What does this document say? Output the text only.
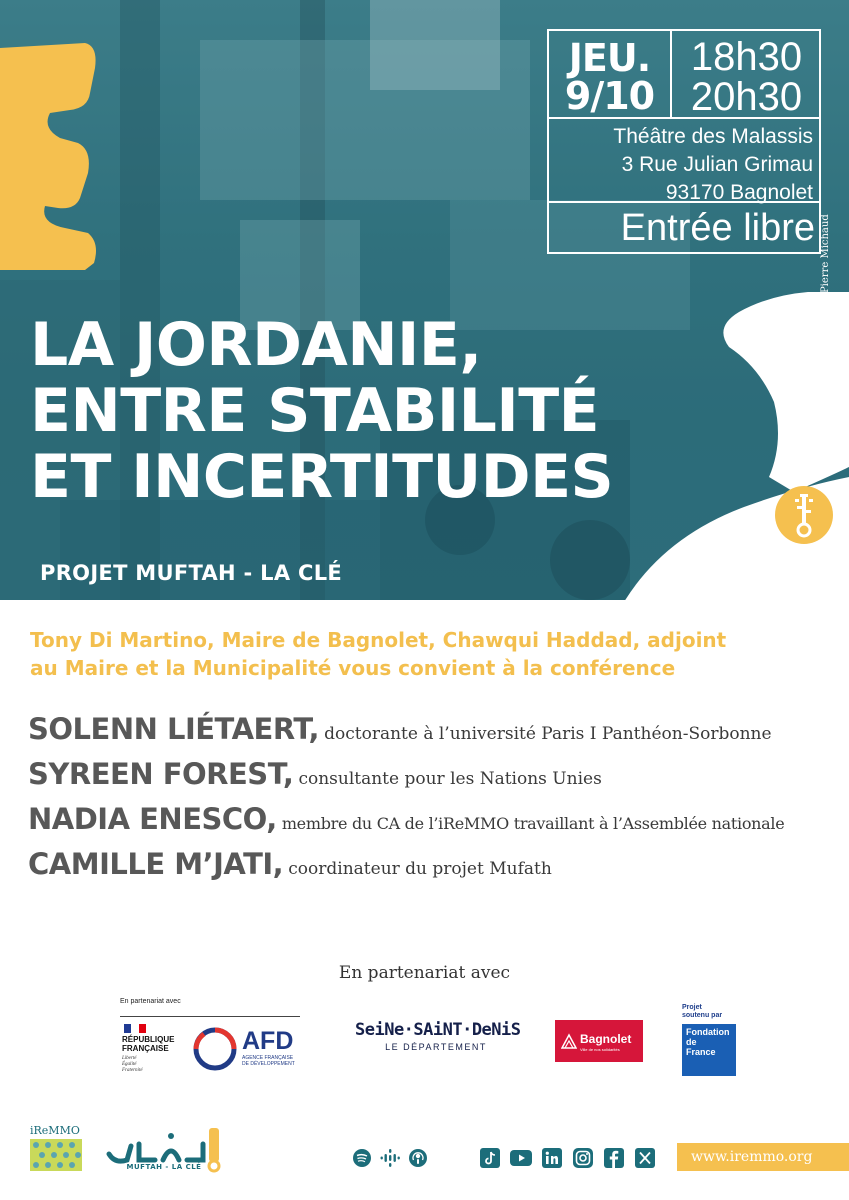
JEU.
9/10
18h30
20h30
Théâtre des Malassis
3 Rue Julian Grimau
93170 Bagnolet
Entrée libre Photo : Pierre Michaud
LA JORDANIE,
ENTRE STABILITÉ
ET INCERTITUDES
PROJET MUFTAH - LA CLÉ
Tony Di Martino, Maire de Bagnolet, Chawqui Haddad, adjoint
au Maire et la Municipalité vous convient à la conférence
SOLENN LIÉTAERT, doctorante à l’université Paris I Panthéon-Sorbonne
SYREEN FOREST, consultante pour les Nations Unies
NADIA ENESCO, membre du CA de l’iReMMO travaillant à l’Assemblée nationale
CAMILLE M’JATI, coordinateur du projet Mufath
En partenariat avec
En partenariat avec
RÉPUBLIQUE
FRANÇAISE
Liberté
Égalité
Fraternité
AFD
AGENCE FRANÇAISE
DE DÉVELOPPEMENT
SeiNe·SAiNT·DeNiS
LE DÉPARTEMENT
Bagnolet
Ville de nos solidarités
Projet
soutenu par
Fondation
de
France
iReMMO
MUFTAH - LA CLÉ
www.iremmo.org
